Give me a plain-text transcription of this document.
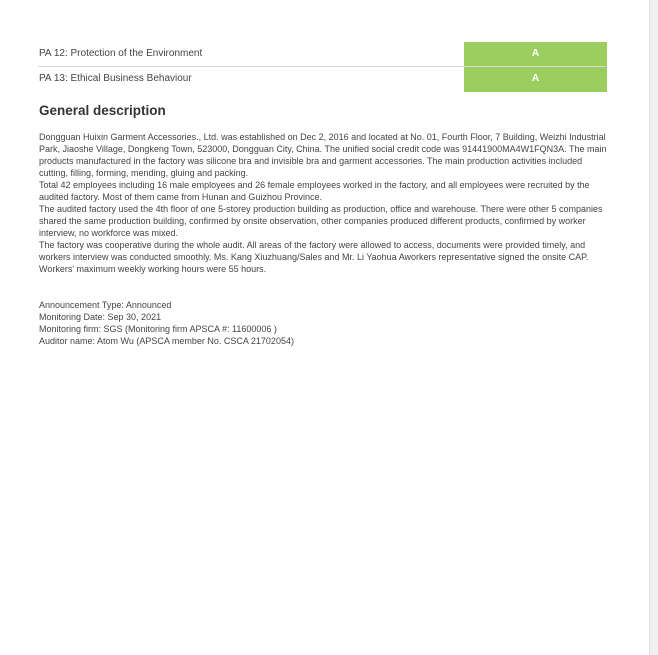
PA 12: Protection of the Environment	A
PA 13: Ethical Business Behaviour	A
General description

Dongguan Huixin Garment Accessories., Ltd. was established on Dec 2, 2016 and located at No. 01, Fourth Floor, 7 Building, Weizhi Industrial Park, Jiaoshe Village, Dongkeng Town, 523000, Dongguan City, China. The unified social credit code was 91441900MA4W1FQN3A. The main products manufactured in the factory was silicone bra and invisible bra and garment accessories. The main production activities included cutting, filling, forming, mending, gluing and packing.

Total 42 employees including 16 male employees and 26 female employees worked in the factory, and all employees were recruited by the audited factory. Most of them came from Hunan and Guizhou Province.

The audited factory used the 4th floor of one 5-storey production building as production, office and warehouse. There were other 5 companies shared the same production building, confirmed by onsite observation, other companies produced different products, confirmed by worker interview, no workforce was mixed.

The factory was cooperative during the whole audit. All areas of the factory were allowed to access, documents were provided timely, and workers interview was conducted smoothly. Ms. Kang Xiuzhuang/Sales and Mr. Li Yaohua Aworkers representative signed the onsite CAP.

Workers' maximum weekly working hours were 55 hours.

Announcement Type: Announced

Monitoring Date: Sep 30, 2021

Monitoring firm: SGS (Monitoring firm APSCA #: 11600006 )

Auditor name: Atom Wu (APSCA member No. CSCA 21702054)
